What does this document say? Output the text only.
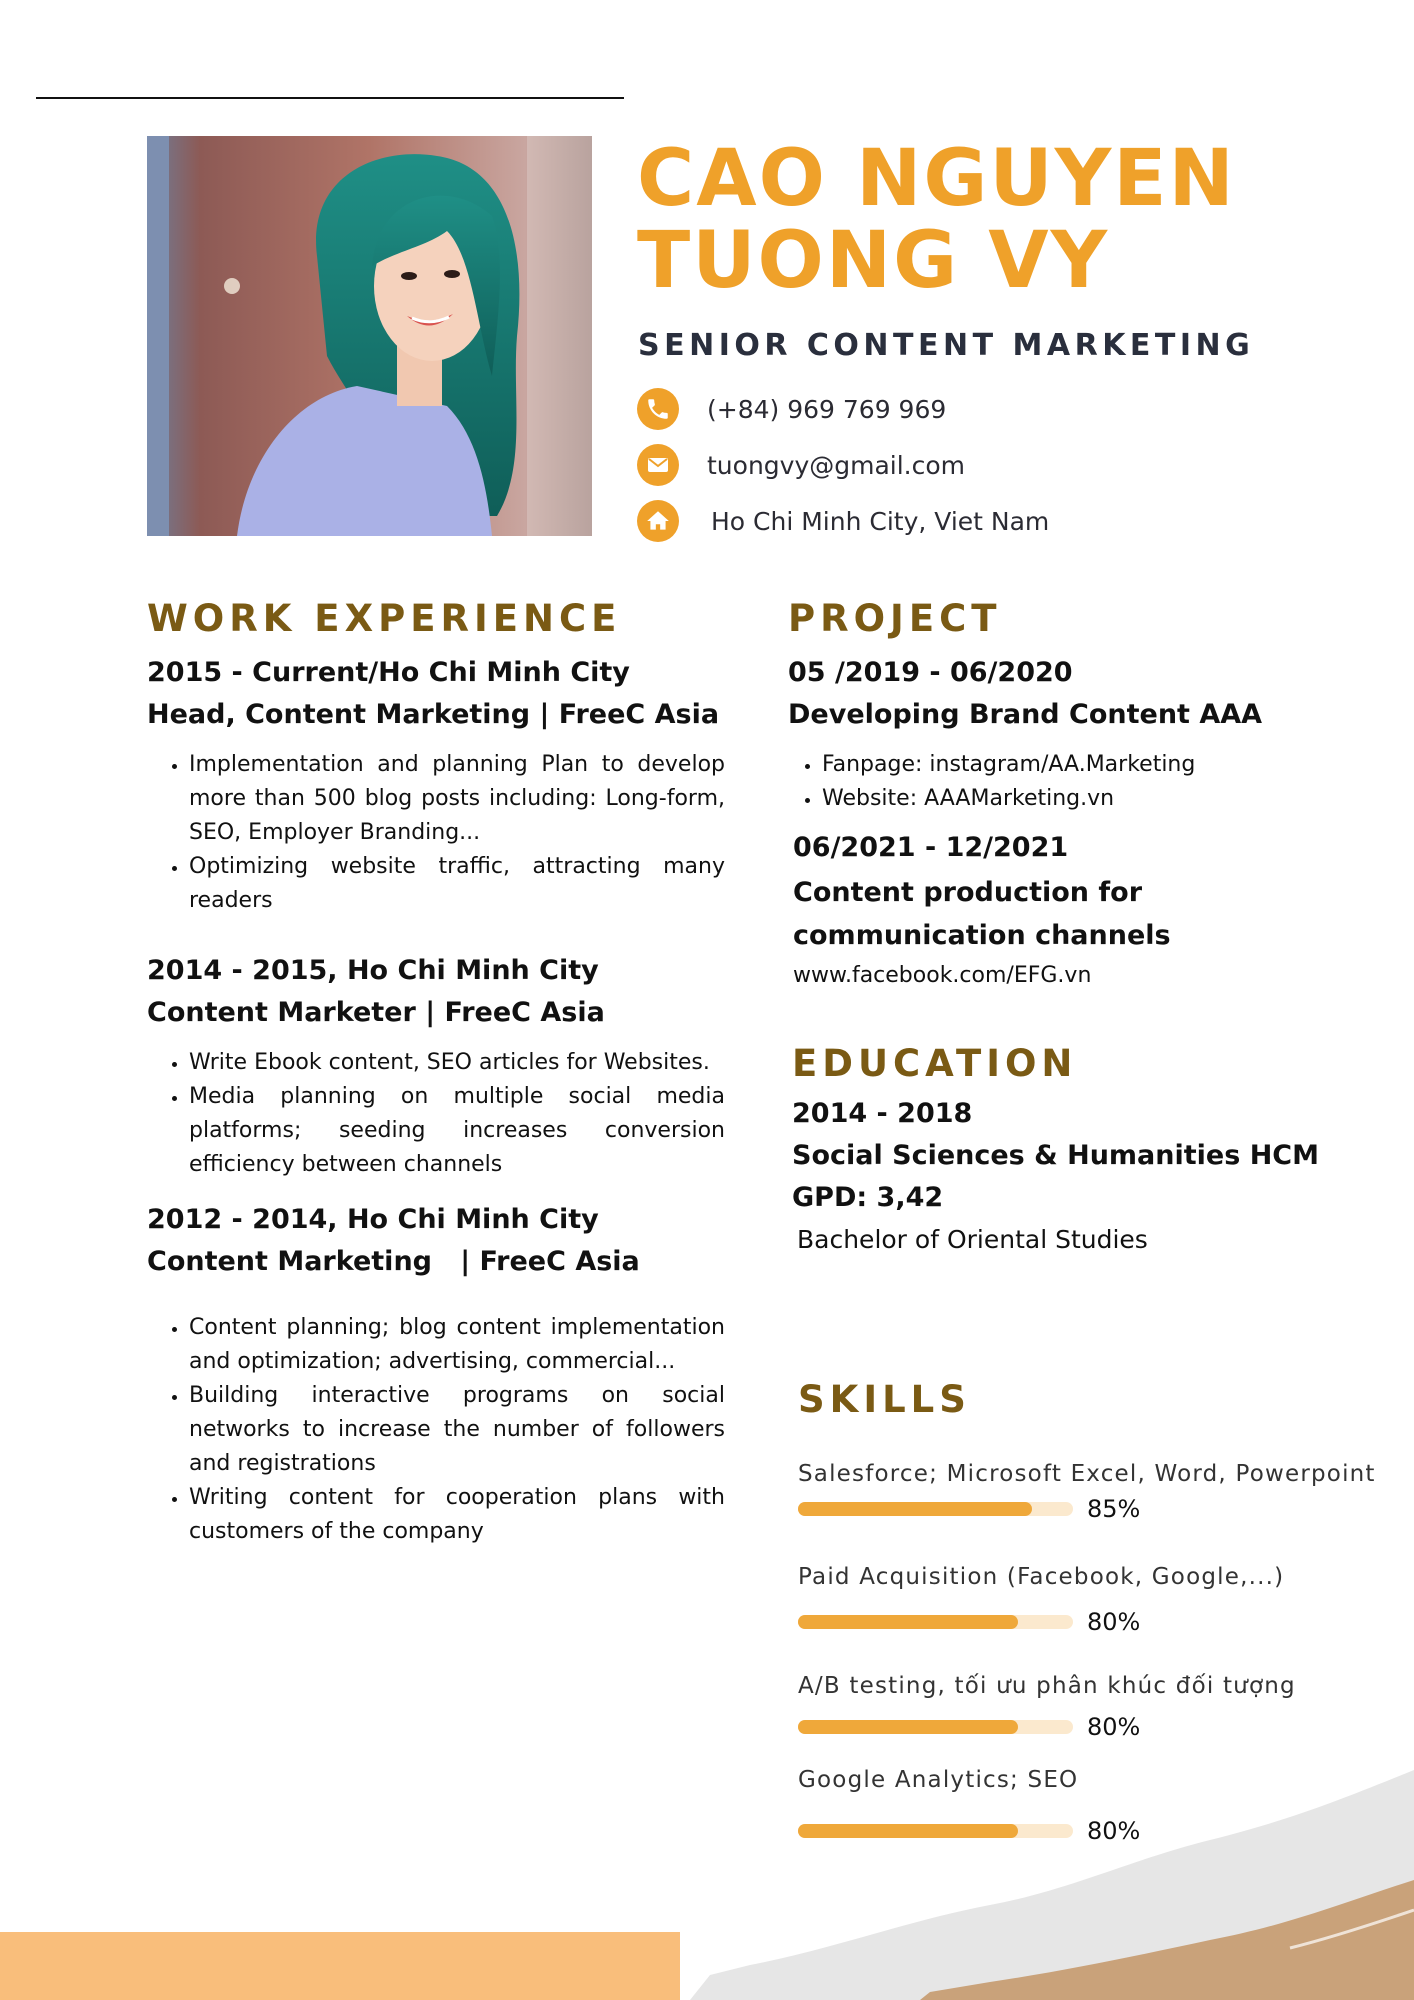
CAO NGUYEN
TUONG VY
SENIOR CONTENT MARKETING
(+84) 969 769 969
tuongvy@gmail.com
Ho Chi Minh City, Viet Nam
WORK EXPERIENCE
2015 - Current/Ho Chi Minh City
Head, Content Marketing | FreeC Asia
• Implementation and planning Plan to develop more than 500 blog posts including: Long-form, SEO, Employer Branding...
• Optimizing website traffic, attracting many readers
2014 - 2015, Ho Chi Minh City
Content Marketer | FreeC Asia
• Write Ebook content, SEO articles for Websites.
• Media planning on multiple social media platforms; seeding increases conversion efficiency between channels
2012 - 2014, Ho Chi Minh City
Content Marketing   | FreeC Asia
• Content planning; blog content implementation and optimization; advertising, commercial...
• Building interactive programs on social networks to increase the number of followers and registrations
• Writing content for cooperation plans with customers of the company
PROJECT
05 /2019 - 06/2020
Developing Brand Content AAA
• Fanpage: instagram/AA.Marketing
• Website: AAAMarketing.vn
06/2021 - 12/2021
Content production for communication channels
www.facebook.com/EFG.vn
EDUCATION
2014 - 2018
Social Sciences & Humanities HCM
GPD: 3,42
Bachelor of Oriental Studies
SKILLS
Salesforce; Microsoft Excel, Word, Powerpoint
85%
Paid Acquisition (Facebook, Google,...)
80%
A/B testing, tối ưu phân khúc đối tượng
80%
Google Analytics; SEO
80%
